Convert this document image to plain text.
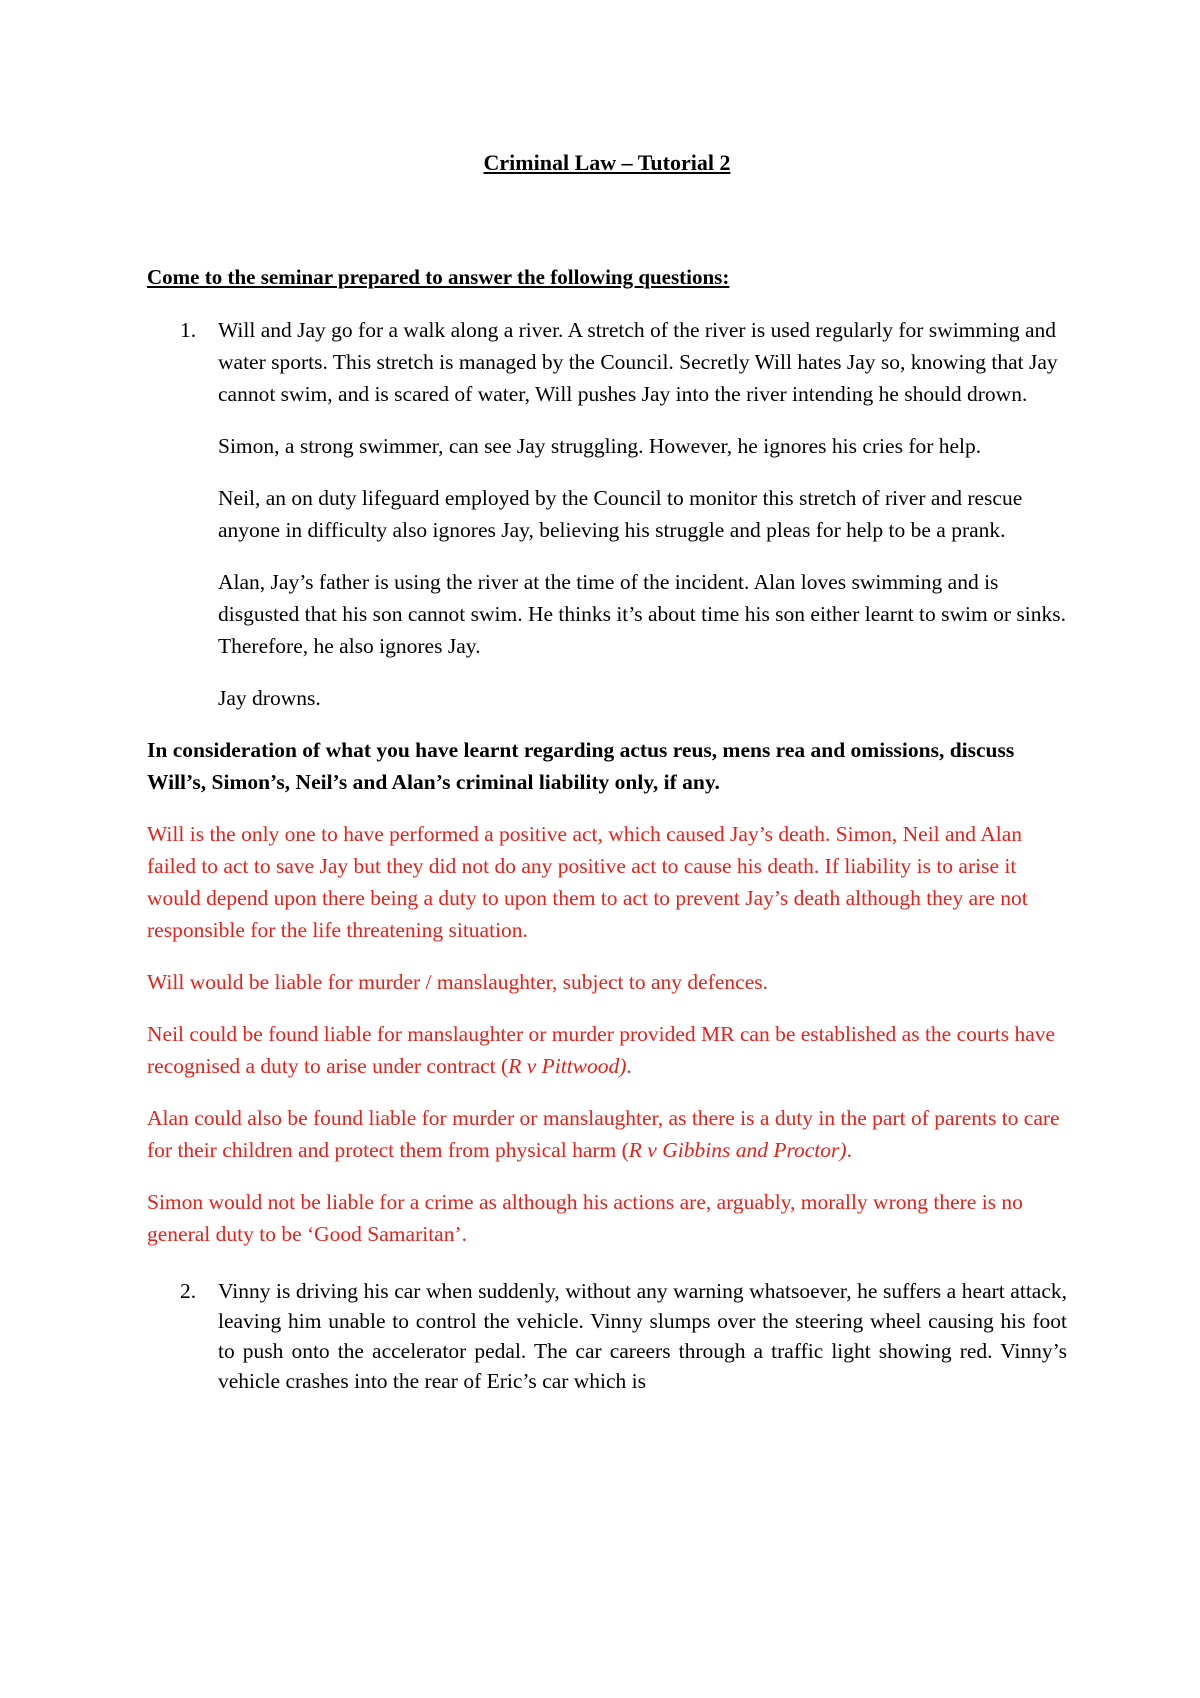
Criminal Law – Tutorial 2
Come to the seminar prepared to answer the following questions:
1. Will and Jay go for a walk along a river. A stretch of the river is used regularly for swimming and water sports. This stretch is managed by the Council. Secretly Will hates Jay so, knowing that Jay cannot swim, and is scared of water, Will pushes Jay into the river intending he should drown.

Simon, a strong swimmer, can see Jay struggling. However, he ignores his cries for help.

Neil, an on duty lifeguard employed by the Council to monitor this stretch of river and rescue anyone in difficulty also ignores Jay, believing his struggle and pleas for help to be a prank.

Alan, Jay’s father is using the river at the time of the incident. Alan loves swimming and is disgusted that his son cannot swim. He thinks it’s about time his son either learnt to swim or sinks. Therefore, he also ignores Jay.

Jay drowns.

In consideration of what you have learnt regarding actus reus, mens rea and omissions, discuss Will’s, Simon’s, Neil’s and Alan’s criminal liability only, if any.

Will is the only one to have performed a positive act, which caused Jay’s death. Simon, Neil and Alan failed to act to save Jay but they did not do any positive act to cause his death. If liability is to arise it would depend upon there being a duty to upon them to act to prevent Jay’s death although they are not responsible for the life threatening situation.

Will would be liable for murder / manslaughter, subject to any defences.

Neil could be found liable for manslaughter or murder provided MR can be established as the courts have recognised a duty to arise under contract (R v Pittwood).

Alan could also be found liable for murder or manslaughter, as there is a duty in the part of parents to care for their children and protect them from physical harm (R v Gibbins and Proctor).

Simon would not be liable for a crime as although his actions are, arguably, morally wrong there is no general duty to be ‘Good Samaritan’.

2. Vinny is driving his car when suddenly, without any warning whatsoever, he suffers a heart attack, leaving him unable to control the vehicle. Vinny slumps over the steering wheel causing his foot to push onto the accelerator pedal. The car careers through a traffic light showing red. Vinny’s vehicle crashes into the rear of Eric’s car which is
